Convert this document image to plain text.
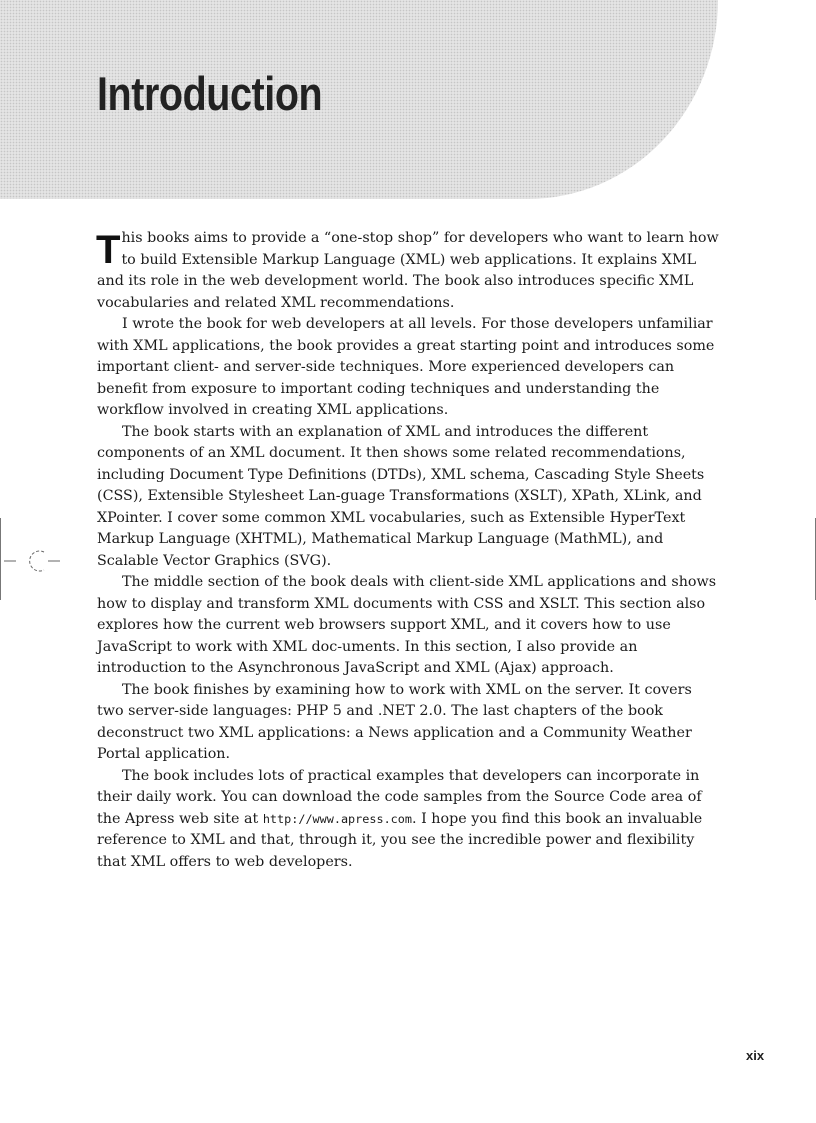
Introduction

This books aims to provide a “one-stop shop” for developers who want to learn how to build Extensible Markup Language (XML) web applications. It explains XML and its role in the web development world. The book also introduces specific XML vocabularies and related XML recommendations.

I wrote the book for web developers at all levels. For those developers unfamiliar with XML applications, the book provides a great starting point and introduces some important client- and server-side techniques. More experienced developers can benefit from exposure to important coding techniques and understanding the workflow involved in creating XML applications.

The book starts with an explanation of XML and introduces the different components of an XML document. It then shows some related recommendations, including Document Type Definitions (DTDs), XML schema, Cascading Style Sheets (CSS), Extensible Stylesheet Lan-guage Transformations (XSLT), XPath, XLink, and XPointer. I cover some common XML vocabularies, such as Extensible HyperText Markup Language (XHTML), Mathematical Markup Language (MathML), and Scalable Vector Graphics (SVG).

The middle section of the book deals with client-side XML applications and shows how to display and transform XML documents with CSS and XSLT. This section also explores how the current web browsers support XML, and it covers how to use JavaScript to work with XML doc-uments. In this section, I also provide an introduction to the Asynchronous JavaScript and XML (Ajax) approach.

The book finishes by examining how to work with XML on the server. It covers two server-side languages: PHP 5 and .NET 2.0. The last chapters of the book deconstruct two XML applications: a News application and a Community Weather Portal application.

The book includes lots of practical examples that developers can incorporate in their daily work. You can download the code samples from the Source Code area of the Apress web site at http://www.apress.com. I hope you find this book an invaluable reference to XML and that, through it, you see the incredible power and flexibility that XML offers to web developers.

xix
